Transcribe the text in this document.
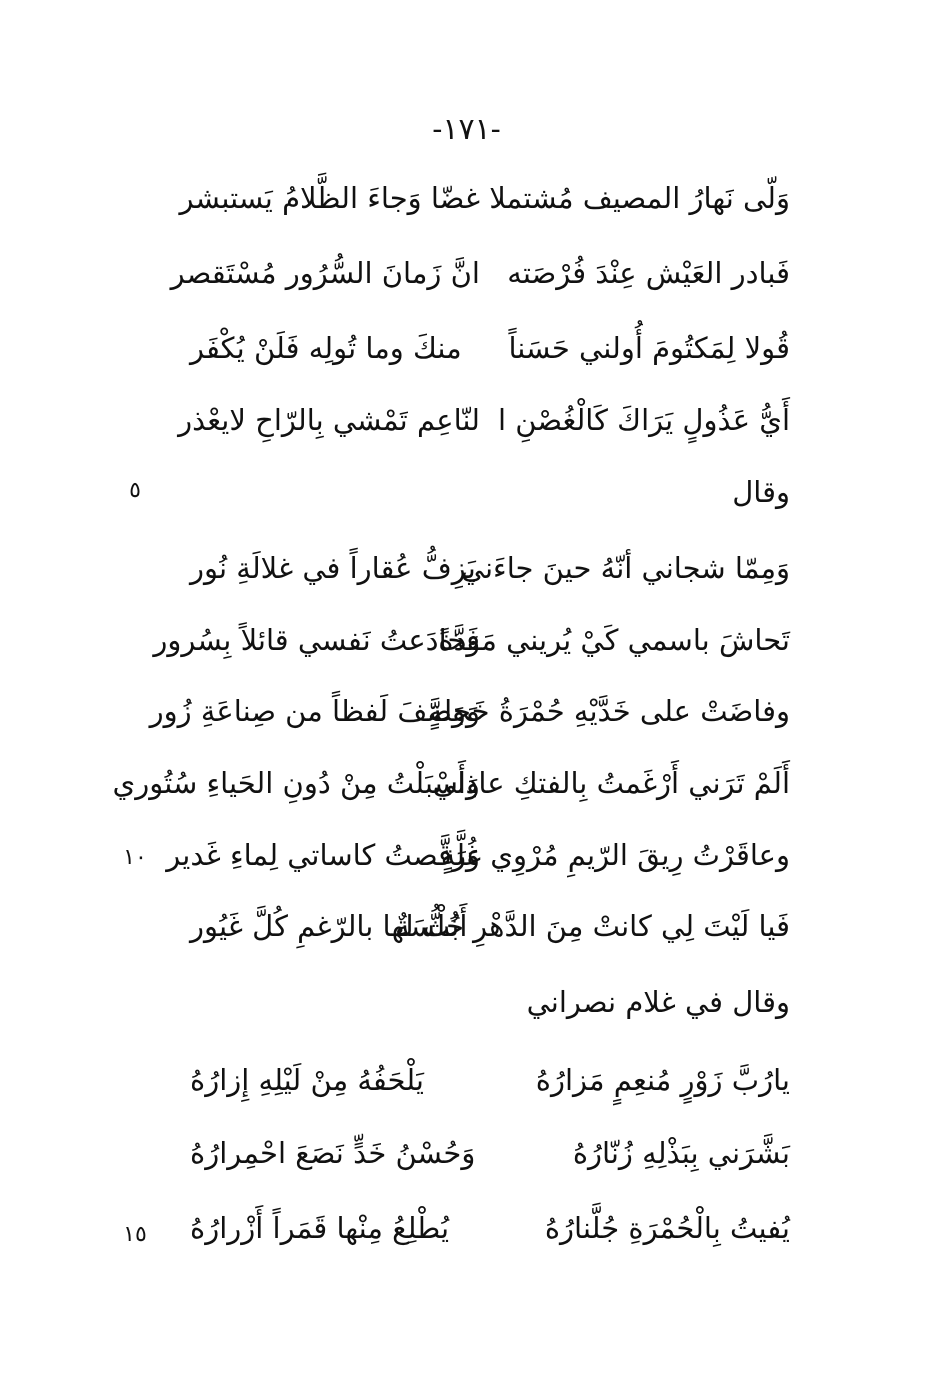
-١٧١-
وَلّى نَهارُ المصيف مُشتملا
غضّا وَجاءَ الظَّلامُ يَستبشر
فَبادر العَيْش عِنْدَ فُرْصَته
انَّ زَمانَ السُّرُور مُسْتَقصر
قُولا لِمَكتُومَ أُولني حَسَناً
منكَ وما تُولِه فَلَنْ يُكْفَر
أَيُّ عَذُولٍ يَرَاكَ كَالْغُصْنِ ا
لنّاعِم تَمْشي بِالرّاحِ لايعْذر
٥	وقال
وَمِمّا شجاني أنّهُ حينَ جاءَني
يَزِفُّ عُقاراً في غلالَةِ نُور
تَحاشَ باسمي كَيْ يُريني مَوَدَّةً
فَخادَعتُ نَفسي قائلاً بِسُرور
وفاضَتْ على خَدَّيْهِ حُمْرَةُ خَجلةٍ
وَوَصَّفَ لَفظاً من صِناعَةِ زُور
أَلَمْ تَرَني أَرْغَمتُ بِالفتكِ عاذِلي
وَأَسْبَلْتُ مِنْ دُونِ الحَياءِ سُتُوري
وعاقَرْتُ رِيقَ الرّيمِ مُرْوِي غُلَّةٍ
وَرَقَّصتُ كاساتي لِماءِ غَدير
فَيا لَيْتَ لِي كانتْ مِنَ الدَّهْرِ خُلْسَةٌ
أَبُثُّ لها بالرّغمِ كُلَّ غَيُور
١٠
وقال في غلام نصراني
يارُبَّ زَوْرٍ مُنعِمٍ مَزارُهُ
يَلْحَفُهُ مِنْ لَيْلِهِ إِزارُهُ
بَشَّرَني بِبَذْلِهِ زُنّارُهُ
وَحُسْنُ خَدٍّ نَصَعَ احْمِرارُهُ
يُفيتُ بِالْحُمْرَةِ جُلَّنارُهُ
يُطْلِعُ مِنْها قَمَراً أَزْرارُهُ
١٥
